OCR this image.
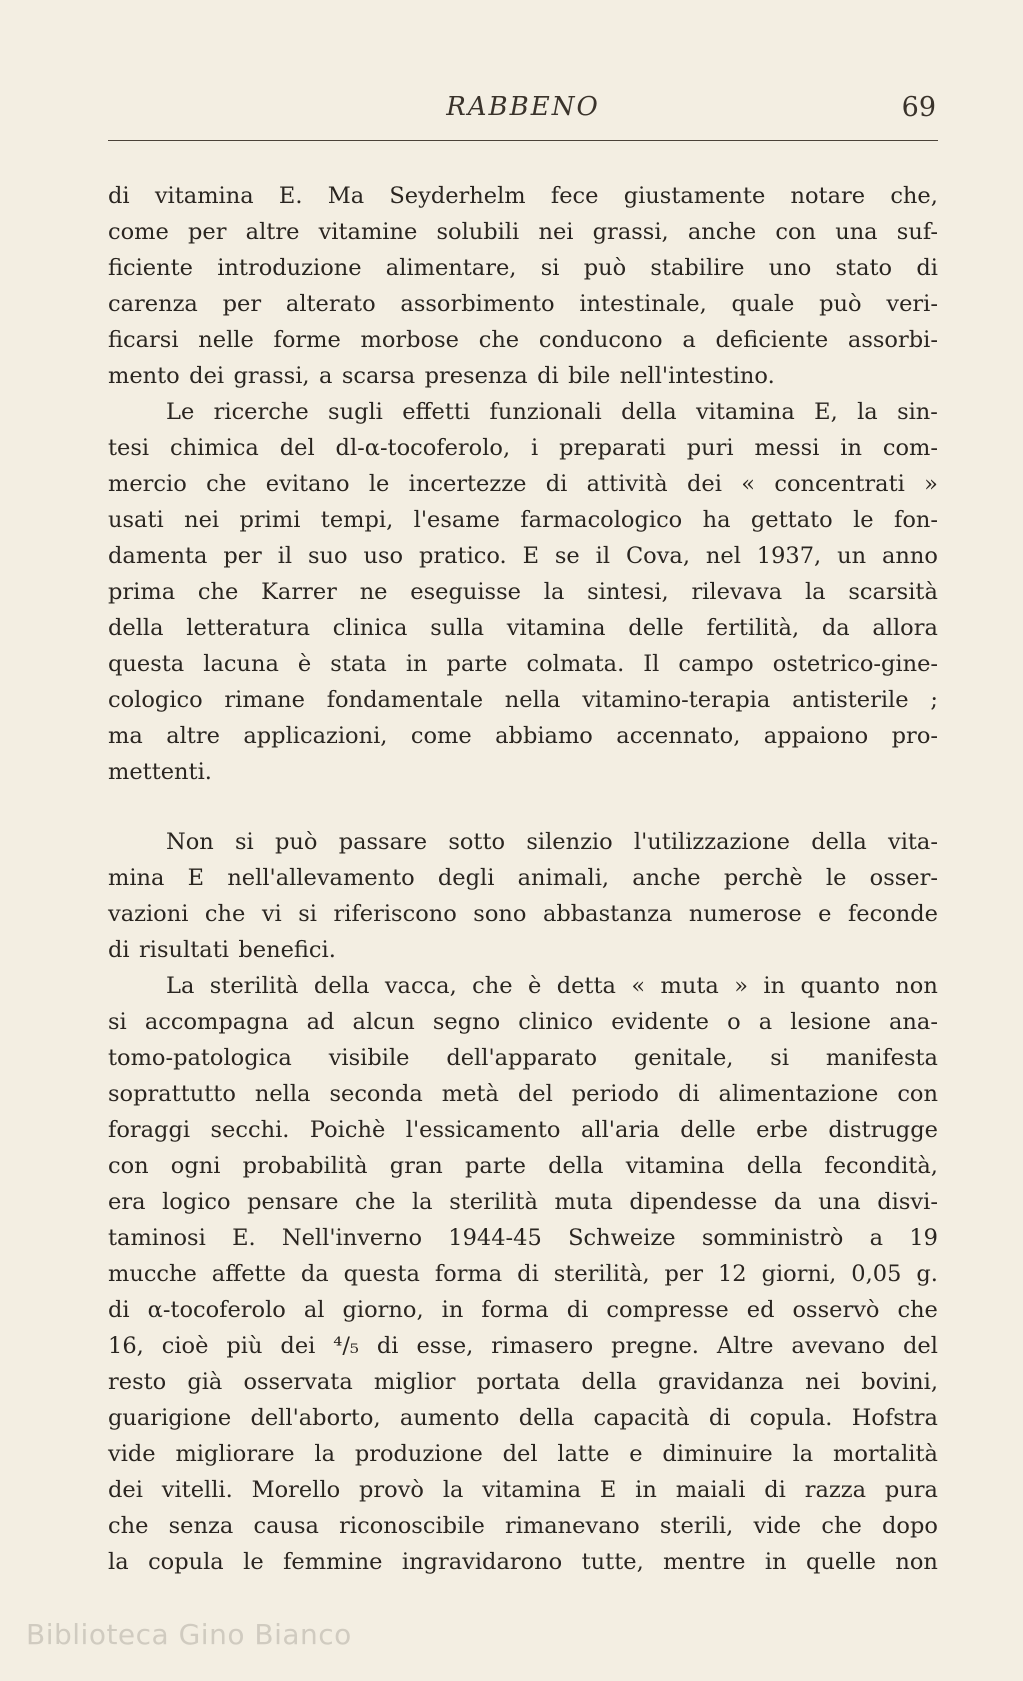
RABBENO	69
di vitamina E. Ma Seyderhelm fece giustamente notare che,
come per altre vitamine solubili nei grassi, anche con una suf-
ficiente introduzione alimentare, si può stabilire uno stato di
carenza per alterato assorbimento intestinale, quale può veri-
ficarsi nelle forme morbose che conducono a deficiente assorbi-
mento dei grassi, a scarsa presenza di bile nell'intestino.
Le ricerche sugli effetti funzionali della vitamina E, la sin-
tesi chimica del dl-α-tocoferolo, i preparati puri messi in com-
mercio che evitano le incertezze di attività dei « concentrati »
usati nei primi tempi, l'esame farmacologico ha gettato le fon-
damenta per il suo uso pratico. E se il Cova, nel 1937, un anno
prima che Karrer ne eseguisse la sintesi, rilevava la scarsità
della letteratura clinica sulla vitamina delle fertilità, da allora
questa lacuna è stata in parte colmata. Il campo ostetrico-gine-
cologico rimane fondamentale nella vitamino-terapia antisterile ;
ma altre applicazioni, come abbiamo accennato, appaiono pro-
mettenti.
Non si può passare sotto silenzio l'utilizzazione della vita-
mina E nell'allevamento degli animali, anche perchè le osser-
vazioni che vi si riferiscono sono abbastanza numerose e feconde
di risultati benefici.
La sterilità della vacca, che è detta « muta » in quanto non
si accompagna ad alcun segno clinico evidente o a lesione ana-
tomo-patologica visibile dell'apparato genitale, si manifesta
soprattutto nella seconda metà del periodo di alimentazione con
foraggi secchi. Poichè l'essicamento all'aria delle erbe distrugge
con ogni probabilità gran parte della vitamina della fecondità,
era logico pensare che la sterilità muta dipendesse da una disvi-
taminosi E. Nell'inverno 1944-45 Schweize somministrò a 19
mucche affette da questa forma di sterilità, per 12 giorni, 0,05 g.
di α-tocoferolo al giorno, in forma di compresse ed osservò che
16, cioè più dei ⁴/₅ di esse, rimasero pregne. Altre avevano del
resto già osservata miglior portata della gravidanza nei bovini,
guarigione dell'aborto, aumento della capacità di copula. Hofstra
vide migliorare la produzione del latte e diminuire la mortalità
dei vitelli. Morello provò la vitamina E in maiali di razza pura
che senza causa riconoscibile rimanevano sterili, vide che dopo
la copula le femmine ingravidarono tutte, mentre in quelle non
Biblioteca Gino Bianco
